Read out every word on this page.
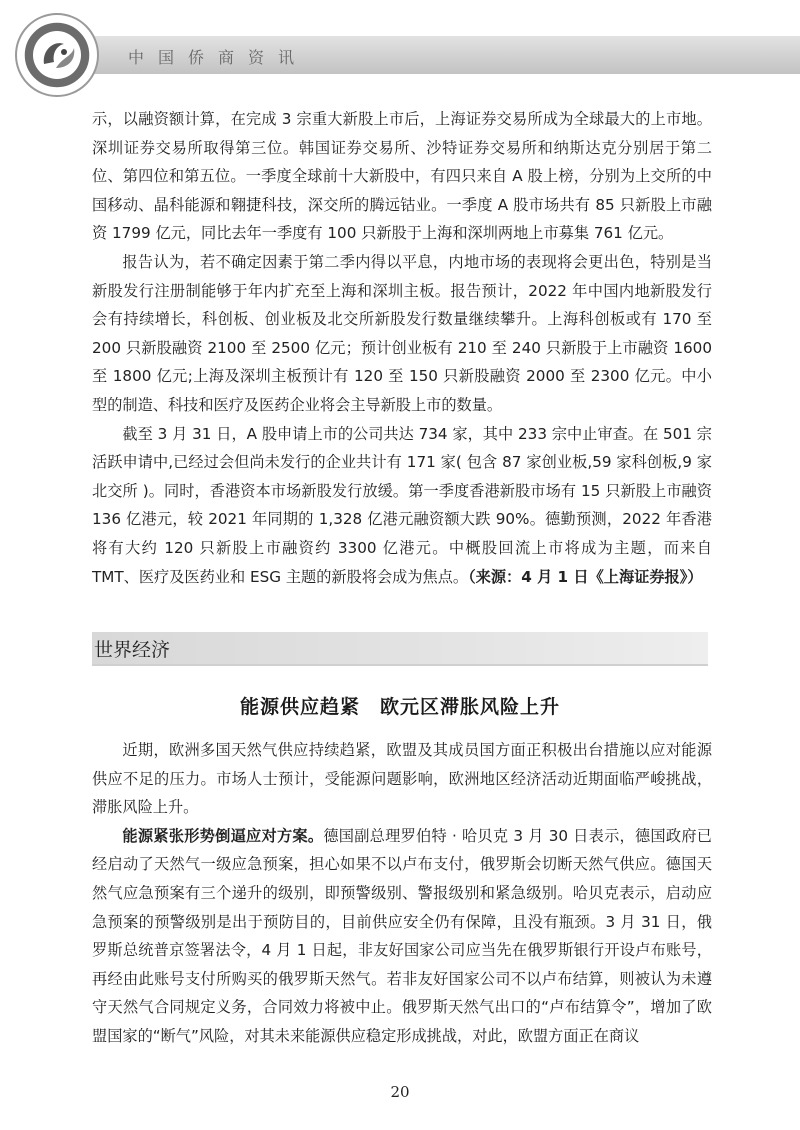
中国侨商资讯

示，以融资额计算，在完成 3 宗重大新股上市后，上海证券交易所成为全球最大的上市地。深圳证券交易所取得第三位。韩国证券交易所、沙特证券交易所和纳斯达克分别居于第二位、第四位和第五位。一季度全球前十大新股中，有四只来自 A 股上榜，分别为上交所的中国移动、晶科能源和翱捷科技，深交所的腾远钴业。一季度 A 股市场共有 85 只新股上市融资 1799 亿元，同比去年一季度有 100 只新股于上海和深圳两地上市募集 761 亿元。

报告认为，若不确定因素于第二季内得以平息，内地市场的表现将会更出色，特别是当新股发行注册制能够于年内扩充至上海和深圳主板。报告预计，2022 年中国内地新股发行会有持续增长，科创板、创业板及北交所新股发行数量继续攀升。上海科创板或有 170 至 200 只新股融资 2100 至 2500 亿元；预计创业板有 210 至 240 只新股于上市融资 1600 至 1800 亿元;上海及深圳主板预计有 120 至 150 只新股融资 2000 至 2300 亿元。中小型的制造、科技和医疗及医药企业将会主导新股上市的数量。

截至 3 月 31 日，A 股申请上市的公司共达 734 家，其中 233 宗中止审查。在 501 宗活跃申请中,已经过会但尚未发行的企业共计有 171 家( 包含 87 家创业板,59 家科创板,9 家北交所 )。同时，香港资本市场新股发行放缓。第一季度香港新股市场有 15 只新股上市融资 136 亿港元，较 2021 年同期的 1,328 亿港元融资额大跌 90%。德勤预测，2022 年香港将有大约 120 只新股上市融资约 3300 亿港元。中概股回流上市将成为主题，而来自 TMT、医疗及医药业和 ESG 主题的新股将会成为焦点。（来源：4 月 1 日《上海证券报》）

世界经济
能源供应趋紧　欧元区滞胀风险上升

近期，欧洲多国天然气供应持续趋紧，欧盟及其成员国方面正积极出台措施以应对能源供应不足的压力。市场人士预计，受能源问题影响，欧洲地区经济活动近期面临严峻挑战，滞胀风险上升。

能源紧张形势倒逼应对方案。德国副总理罗伯特 · 哈贝克 3 月 30 日表示，德国政府已经启动了天然气一级应急预案，担心如果不以卢布支付，俄罗斯会切断天然气供应。德国天然气应急预案有三个递升的级别，即预警级别、警报级别和紧急级别。哈贝克表示，启动应急预案的预警级别是出于预防目的，目前供应安全仍有保障，且没有瓶颈。3 月 31 日，俄罗斯总统普京签署法令，4 月 1 日起，非友好国家公司应当先在俄罗斯银行开设卢布账号，再经由此账号支付所购买的俄罗斯天然气。若非友好国家公司不以卢布结算，则被认为未遵守天然气合同规定义务，合同效力将被中止。俄罗斯天然气出口的“卢布结算令”，增加了欧盟国家的“断气”风险，对其未来能源供应稳定形成挑战，对此，欧盟方面正在商议

20
